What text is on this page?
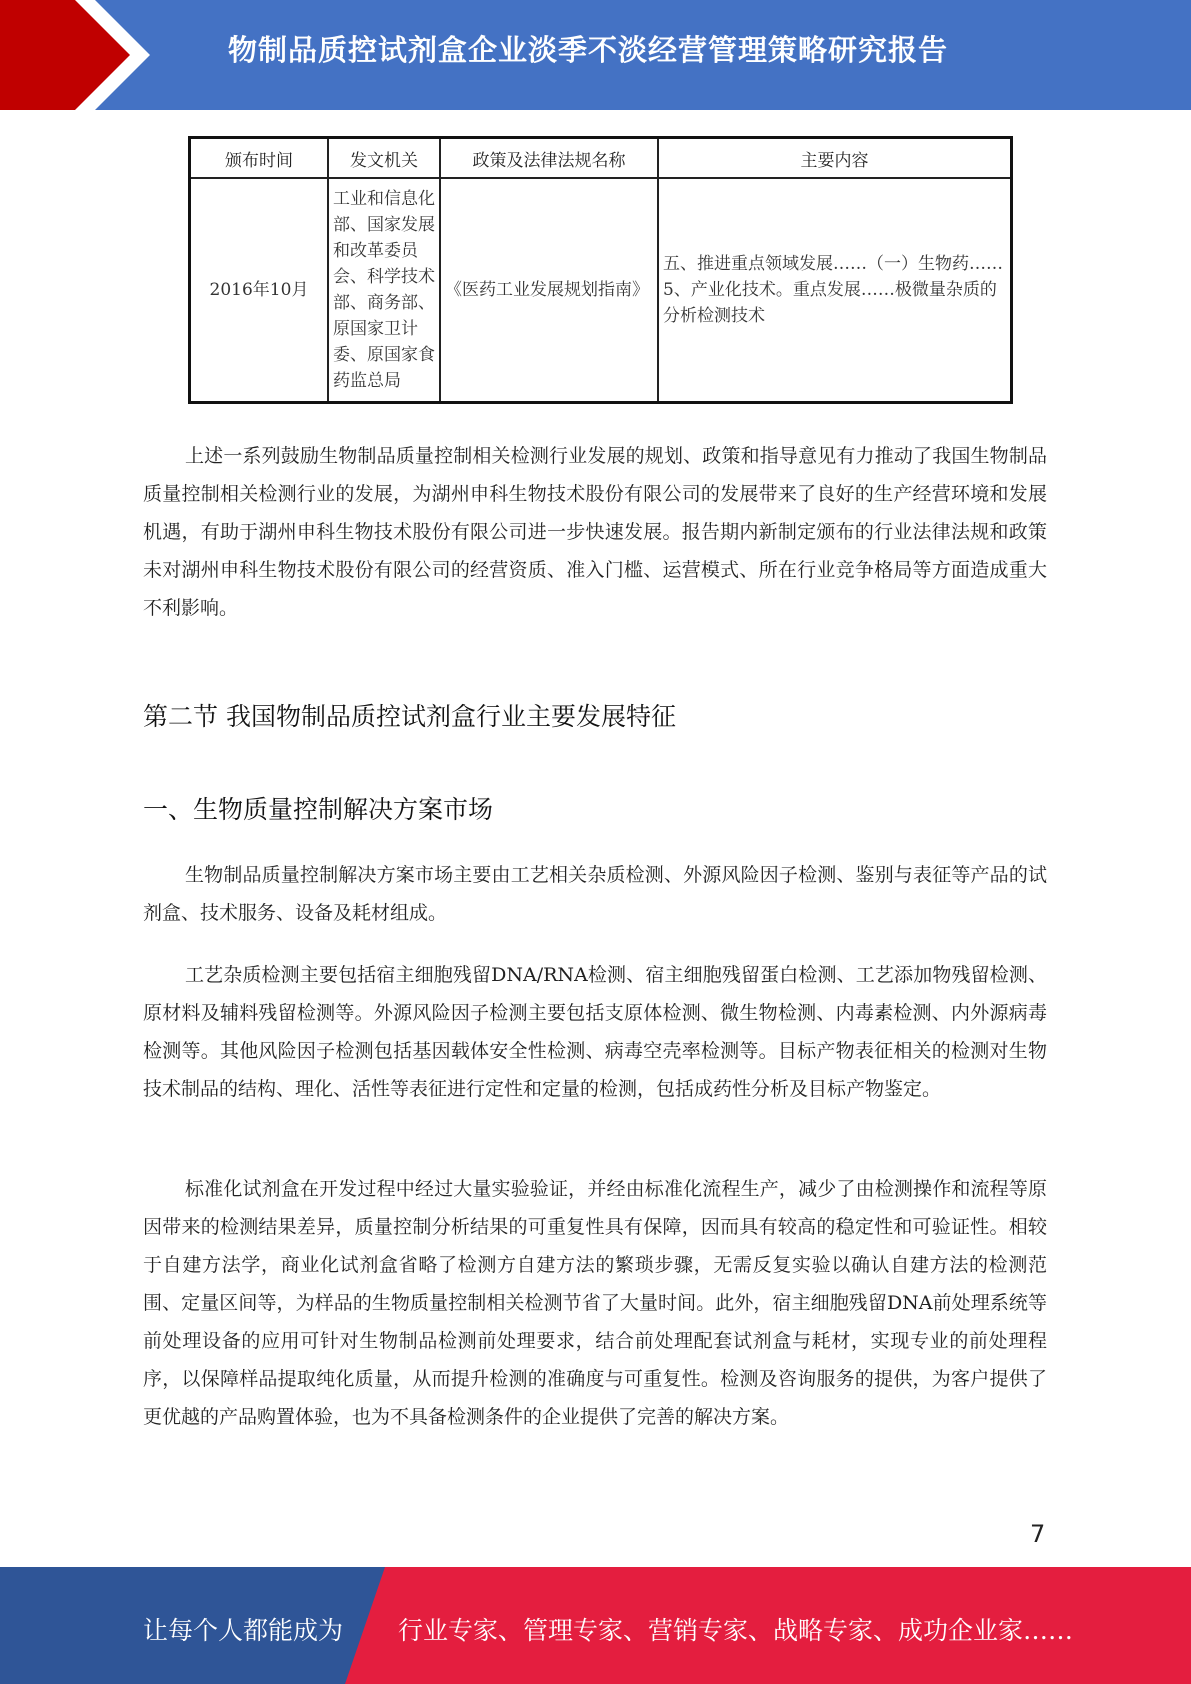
物制品质控试剂盒企业淡季不淡经营管理策略研究报告
颁布时间	发文机关	政策及法律法规名称	主要内容
2016年10月	工业和信息化部、国家发展和改革委员会、科学技术部、商务部、原国家卫计委、原国家食药监总局	《医药工业发展规划指南》	五、推进重点领域发展……（一）生物药……5、产业化技术。重点发展……极微量杂质的分析检测技术

上述一系列鼓励生物制品质量控制相关检测行业发展的规划、政策和指导意见有力推动了我国生物制品质量控制相关检测行业的发展，为湖州申科生物技术股份有限公司的发展带来了良好的生产经营环境和发展机遇，有助于湖州申科生物技术股份有限公司进一步快速发展。报告期内新制定颁布的行业法律法规和政策未对湖州申科生物技术股份有限公司的经营资质、准入门槛、运营模式、所在行业竞争格局等方面造成重大不利影响。

第二节 我国物制品质控试剂盒行业主要发展特征
一、生物质量控制解决方案市场

生物制品质量控制解决方案市场主要由工艺相关杂质检测、外源风险因子检测、鉴别与表征等产品的试剂盒、技术服务、设备及耗材组成。

工艺杂质检测主要包括宿主细胞残留DNA/RNA检测、宿主细胞残留蛋白检测、工艺添加物残留检测、原材料及辅料残留检测等。外源风险因子检测主要包括支原体检测、微生物检测、内毒素检测、内外源病毒检测等。其他风险因子检测包括基因载体安全性检测、病毒空壳率检测等。目标产物表征相关的检测对生物技术制品的结构、理化、活性等表征进行定性和定量的检测，包括成药性分析及目标产物鉴定。

标准化试剂盒在开发过程中经过大量实验验证，并经由标准化流程生产，减少了由检测操作和流程等原因带来的检测结果差异，质量控制分析结果的可重复性具有保障，因而具有较高的稳定性和可验证性。相较于自建方法学，商业化试剂盒省略了检测方自建方法的繁琐步骤，无需反复实验以确认自建方法的检测范围、定量区间等，为样品的生物质量控制相关检测节省了大量时间。此外，宿主细胞残留DNA前处理系统等前处理设备的应用可针对生物制品检测前处理要求，结合前处理配套试剂盒与耗材，实现专业的前处理程序，以保障样品提取纯化质量，从而提升检测的准确度与可重复性。检测及咨询服务的提供，为客户提供了更优越的产品购置体验，也为不具备检测条件的企业提供了完善的解决方案。

7
让每个人都能成为 行业专家、管理专家、营销专家、战略专家、成功企业家……
